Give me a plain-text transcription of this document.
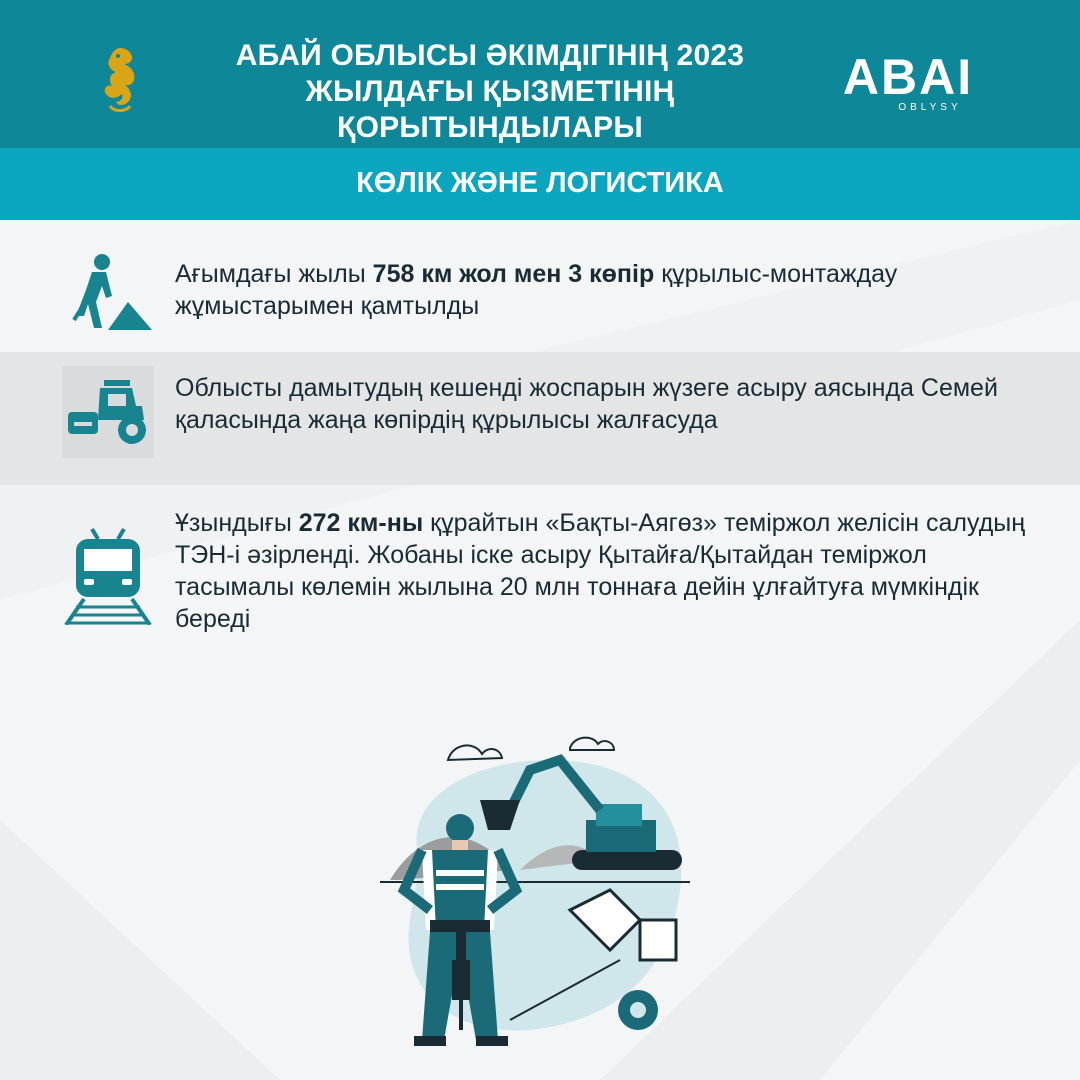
АБАЙ ОБЛЫСЫ ӘКІМДІГІНІҢ 2023
ЖЫЛДАҒЫ ҚЫЗМЕТІНІҢ ҚОРЫТЫНДЫЛАРЫ
ABAI
OBLYSY
КӨЛІК ЖӘНЕ ЛОГИСТИКА
Ағымдағы жылы 758 км жол мен 3 көпір құрылыс-монтаждау жұмыстарымен қамтылды
Облысты дамытудың кешенді жоспарын жүзеге асыру аясында Семей қаласында жаңа көпірдің құрылысы жалғасуда
Ұзындығы 272 км-ны құрайтын «Бақты-Аягөз» теміржол желісін салудың ТЭН-і әзірленді. Жобаны іске асыру Қытайға/Қытайдан теміржол тасымалы көлемін жылына 20 млн тоннаға дейін ұлғайтуға мүмкіндік береді
